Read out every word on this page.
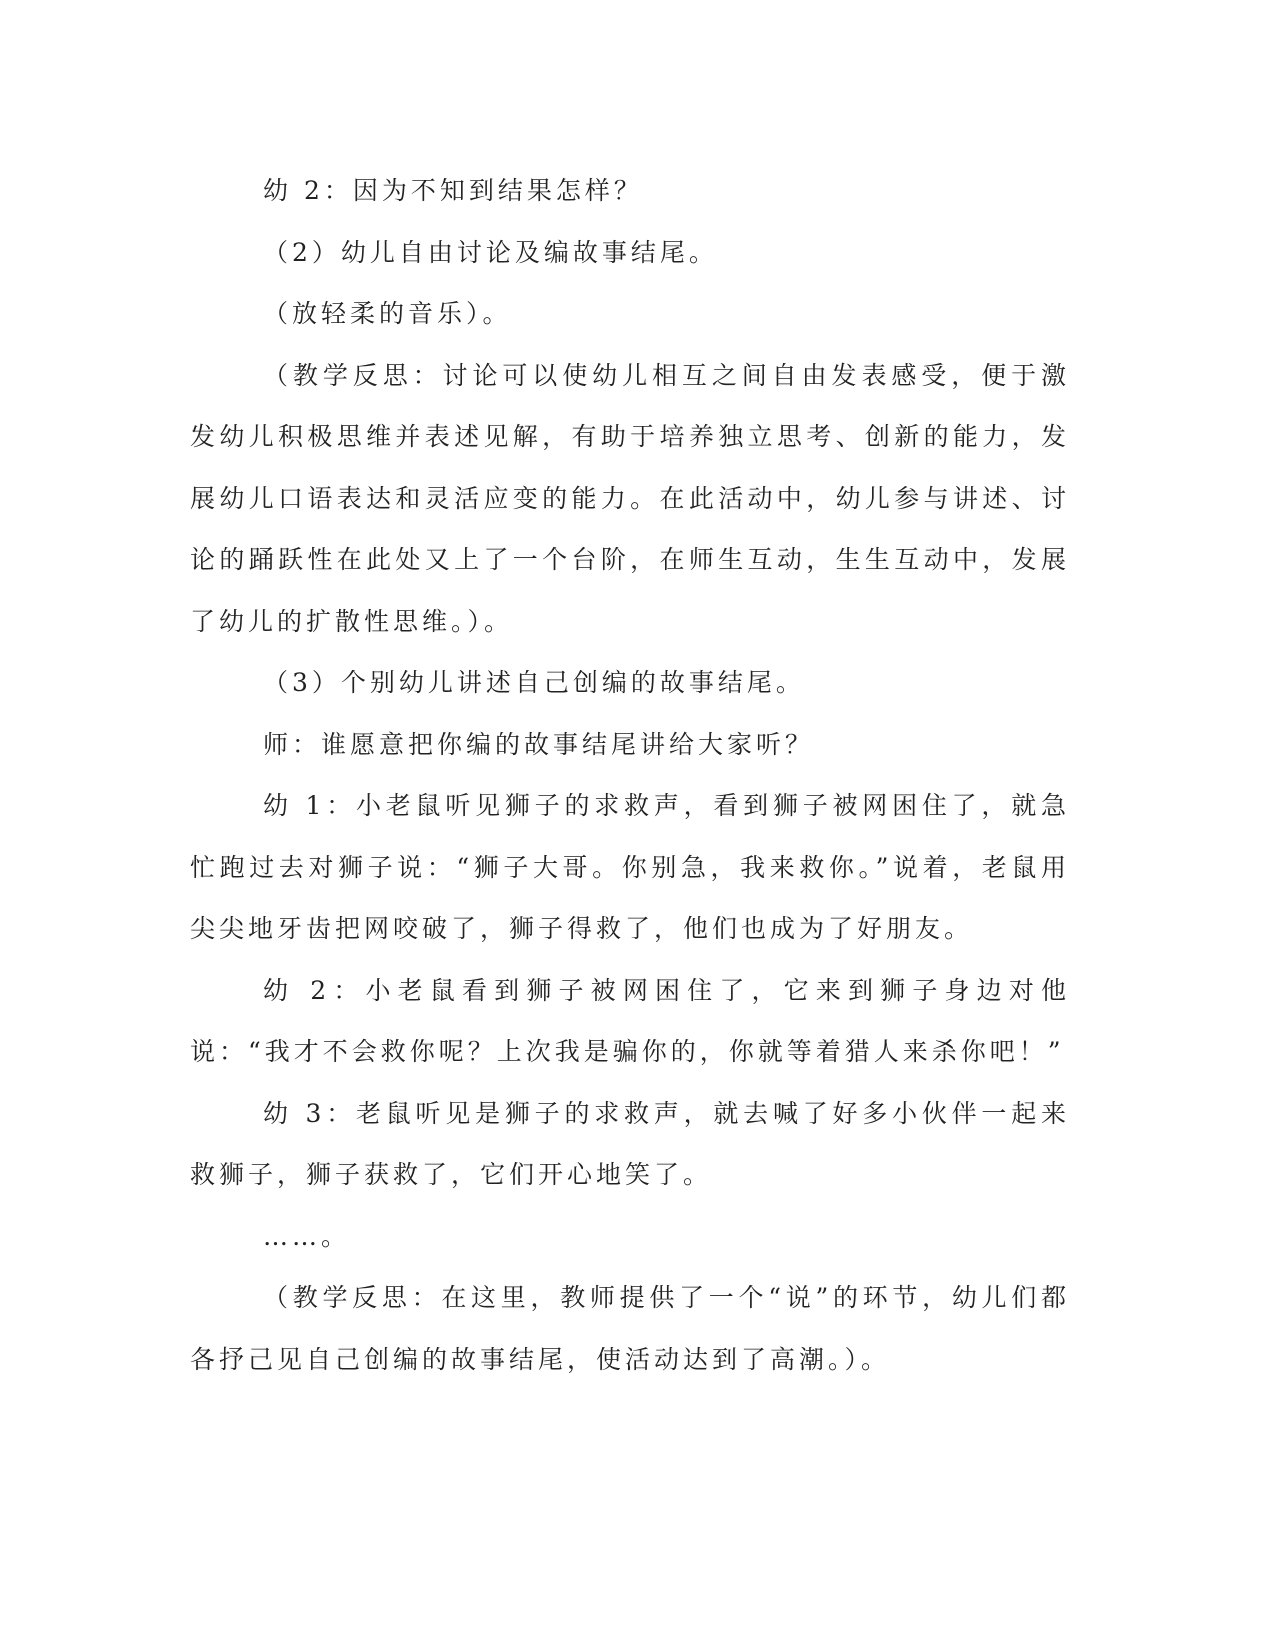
幼 2：因为不知到结果怎样？

（2）幼儿自由讨论及编故事结尾。

（放轻柔的音乐）。

（教学反思：讨论可以使幼儿相互之间自由发表感受，便于激发幼儿积极思维并表述见解，有助于培养独立思考、创新的能力，发展幼儿口语表达和灵活应变的能力。在此活动中，幼儿参与讲述、讨论的踊跃性在此处又上了一个台阶，在师生互动，生生互动中，发展了幼儿的扩散性思维。）。

（3）个别幼儿讲述自己创编的故事结尾。

师：谁愿意把你编的故事结尾讲给大家听？

幼 1：小老鼠听见狮子的求救声，看到狮子被网困住了，就急忙跑过去对狮子说：“狮子大哥。你别急，我来救你。”说着，老鼠用尖尖地牙齿把网咬破了，狮子得救了，他们也成为了好朋友。

幼 2：小老鼠看到狮子被网困住了，它来到狮子身边对他说：“我才不会救你呢？上次我是骗你的，你就等着猎人来杀你吧！”

幼 3：老鼠听见是狮子的求救声，就去喊了好多小伙伴一起来救狮子，狮子获救了，它们开心地笑了。

……。

（教学反思：在这里，教师提供了一个“说”的环节，幼儿们都各抒己见自己创编的故事结尾，使活动达到了高潮。）。
